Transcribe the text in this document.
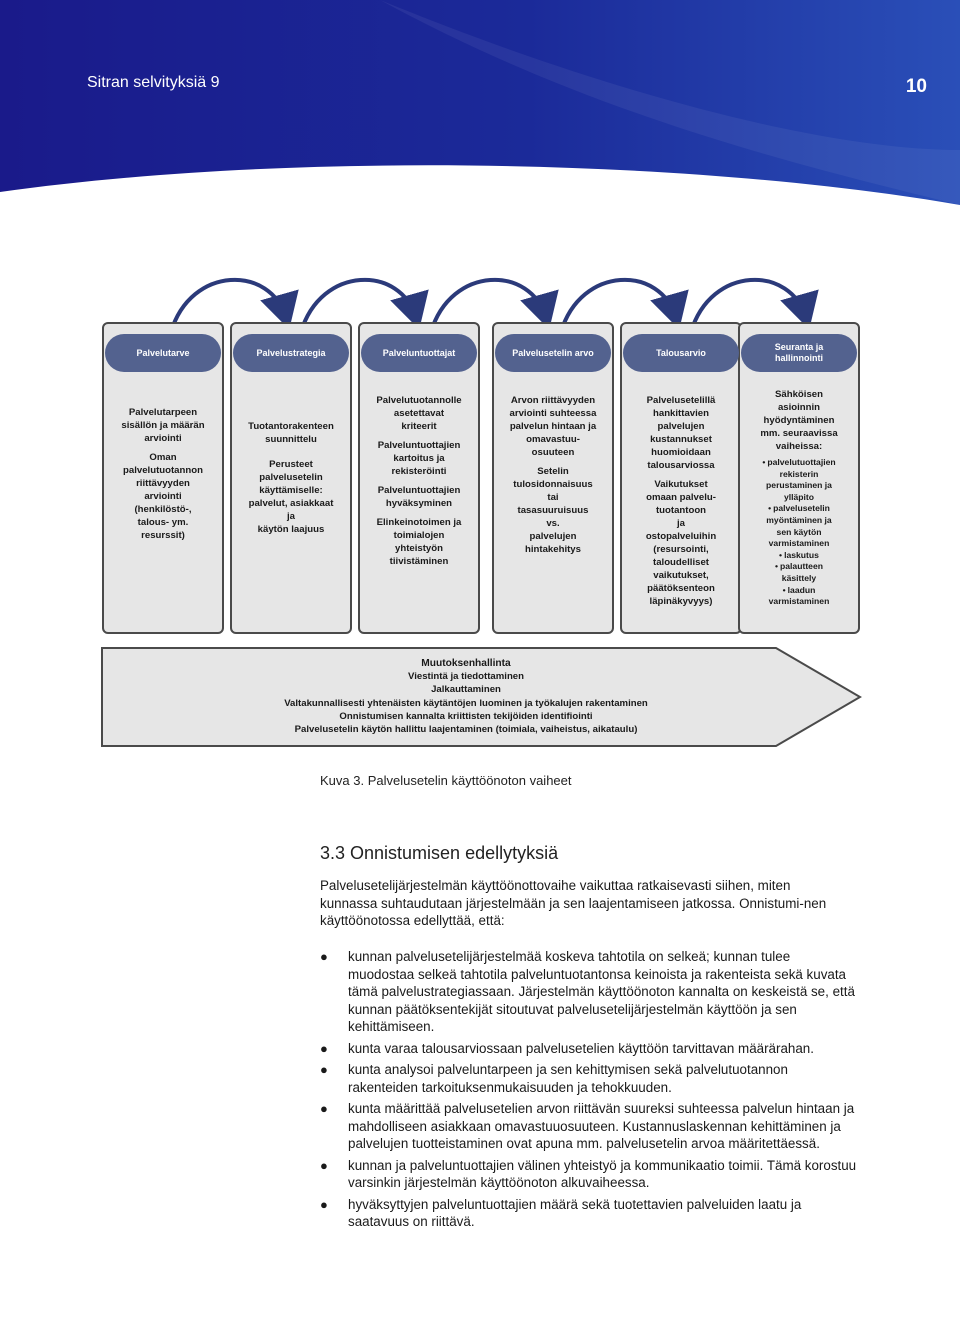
Sitran selvityksiä 9	10
Palvelutarve	Palvelustrategia	Palveluntuottajat	Palvelusetelin arvo	Talousarvio
Seuranta ja
hallinnointi

Palvelutarpeen
sisällön ja määrän
arviointi

Oman
palvelutuotannon
riittävyyden
arviointi
(henkilöstö-,
talous- ym.
resurssit)

Tuotantorakenteen
suunnittelu

Perusteet
palvelusetelin
käyttämiselle:
palvelut, asiakkaat
ja
käytön laajuus

Palvelutuotannolle
asetettavat
kriteerit

Palveluntuottajien
kartoitus ja
rekisteröinti

Palveluntuottajien
hyväksyminen

Elinkeinotoimen ja
toimialojen
yhteistyön
tiivistäminen

Arvon riittävyyden
arviointi suhteessa
palvelun hintaan ja
omavastuu-
osuuteen

Setelin
tulosidonnaisuus
tai
tasasuuruisuus
vs.
palvelujen
hintakehitys

Palvelusetelillä
hankittavien
palvelujen
kustannukset
huomioidaan
talousarviossa

Vaikutukset
omaan palvelu-
tuotantoon
ja
ostopalveluihin
(resursointi,
taloudelliset
vaikutukset,
päätöksenteon
läpinäkyvyys)

Sähköisen
asioinnin
hyödyntäminen
mm. seuraavissa
vaiheissa:

• palvelutuottajien
rekisterin
perustaminen ja
ylläpito
• palvelusetelin
myöntäminen ja
sen käytön
varmistaminen
• laskutus
• palautteen
käsittely
• laadun
varmistaminen
Muutoksenhallinta
Viestintä ja tiedottaminen
Jalkauttaminen
Valtakunnallisesti yhtenäisten käytäntöjen luominen ja työkalujen rakentaminen
Onnistumisen kannalta kriittisten tekijöiden identifiointi
Palvelusetelin käytön hallittu laajentaminen (toimiala, vaiheistus, aikataulu)
Kuva 3. Palvelusetelin käyttöönoton vaiheet
3.3 Onnistumisen edellytyksiä

Palvelusetelijärjestelmän käyttöönottovaihe vaikuttaa ratkaisevasti siihen, miten kunnassa suhtaudutaan järjestelmään ja sen laajentamiseen jatkossa. Onnistumi-nen käyttöönotossa edellyttää, että:

● kunnan palvelusetelijärjestelmää koskeva tahtotila on selkeä; kunnan tulee muodostaa selkeä tahtotila palveluntuotantonsa keinoista ja rakenteista sekä kuvata tämä palvelustrategiassaan. Järjestelmän käyttöönoton kannalta on keskeistä se, että kunnan päätöksentekijät sitoutuvat palvelusetelijärjestelmän käyttöön ja sen kehittämiseen.
● kunta varaa talousarviossaan palvelusetelien käyttöön tarvittavan määrärahan.
● kunta analysoi palveluntarpeen ja sen kehittymisen sekä palvelutuotannon rakenteiden tarkoituksenmukaisuuden ja tehokkuuden.
● kunta määrittää palvelusetelien arvon riittävän suureksi suhteessa palvelun hintaan ja mahdolliseen asiakkaan omavastuuosuuteen. Kustannuslaskennan kehittäminen ja palvelujen tuotteistaminen ovat apuna mm. palvelusetelin arvoa määritettäessä.
● kunnan ja palveluntuottajien välinen yhteistyö ja kommunikaatio toimii. Tämä korostuu varsinkin järjestelmän käyttöönoton alkuvaiheessa.
● hyväksyttyjen palveluntuottajien määrä sekä tuotettavien palveluiden laatu ja saatavuus on riittävä.
